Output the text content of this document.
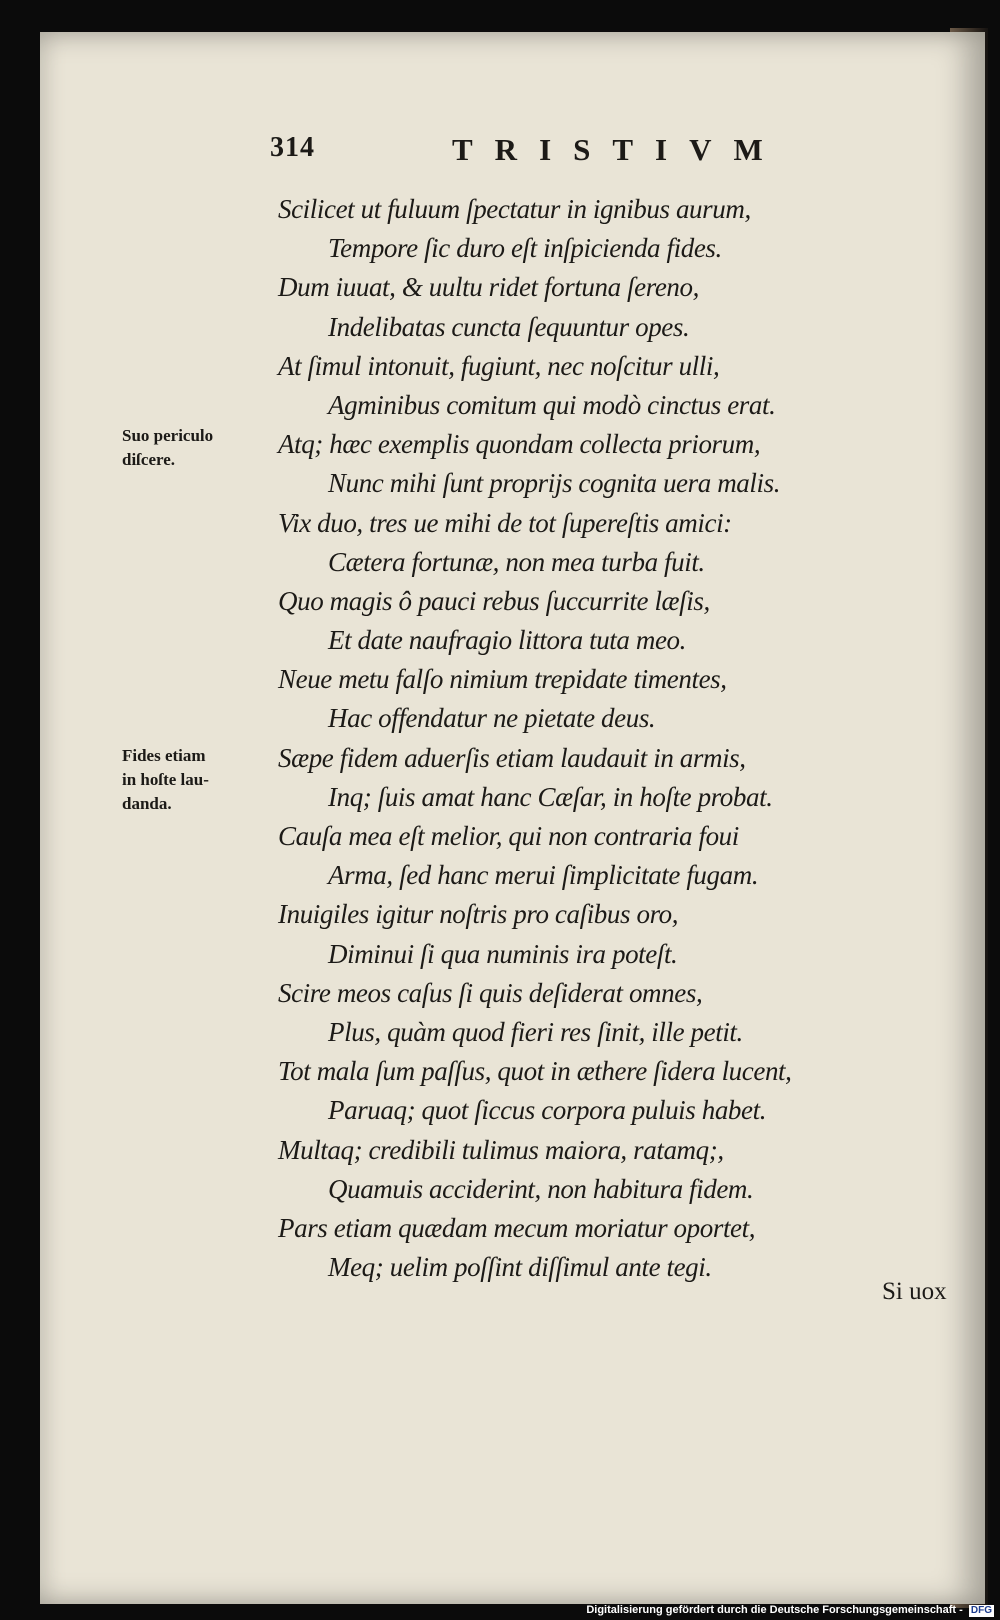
314	TRISTIVM
Suo periculo
diſcere.
Fides etiam
in hoſte lau-
danda.
Scilicet ut fuluum ſpectatur in ignibus aurum,
Tempore ſic duro eſt inſpicienda fides.
Dum iuuat, & uultu ridet fortuna ſereno,
Indelibatas cuncta ſequuntur opes.
At ſimul intonuit, fugiunt, nec noſcitur ulli,
Agminibus comitum qui modò cinctus erat.
Atq; hæc exemplis quondam collecta priorum,
Nunc mihi ſunt proprijs cognita uera malis.
Vix duo, tres ue mihi de tot ſupereſtis amici:
Cætera fortunæ, non mea turba fuit.
Quo magis ô pauci rebus ſuccurrite læſis,
Et date naufragio littora tuta meo.
Neue metu falſo nimium trepidate timentes,
Hac offendatur ne pietate deus.
Sæpe fidem aduerſis etiam laudauit in armis,
Inq; ſuis amat hanc Cæſar, in hoſte probat.
Cauſa mea eſt melior, qui non contraria foui
Arma, ſed hanc merui ſimplicitate fugam.
Inuigiles igitur noſtris pro caſibus oro,
Diminui ſi qua numinis ira poteſt.
Scire meos caſus ſi quis deſiderat omnes,
Plus, quàm quod fieri res ſinit, ille petit.
Tot mala ſum paſſus, quot in æthere ſidera lucent,
Paruaq; quot ſiccus corpora puluis habet.
Multaq; credibili tulimus maiora, ratamq;,
Quamuis acciderint, non habitura fidem.
Pars etiam quædam mecum moriatur oportet,
Meq; uelim poſſint diſſimul ante tegi.
Si uox
Digitalisierung gefördert durch die Deutsche Forschungsgemeinschaft - DFG
